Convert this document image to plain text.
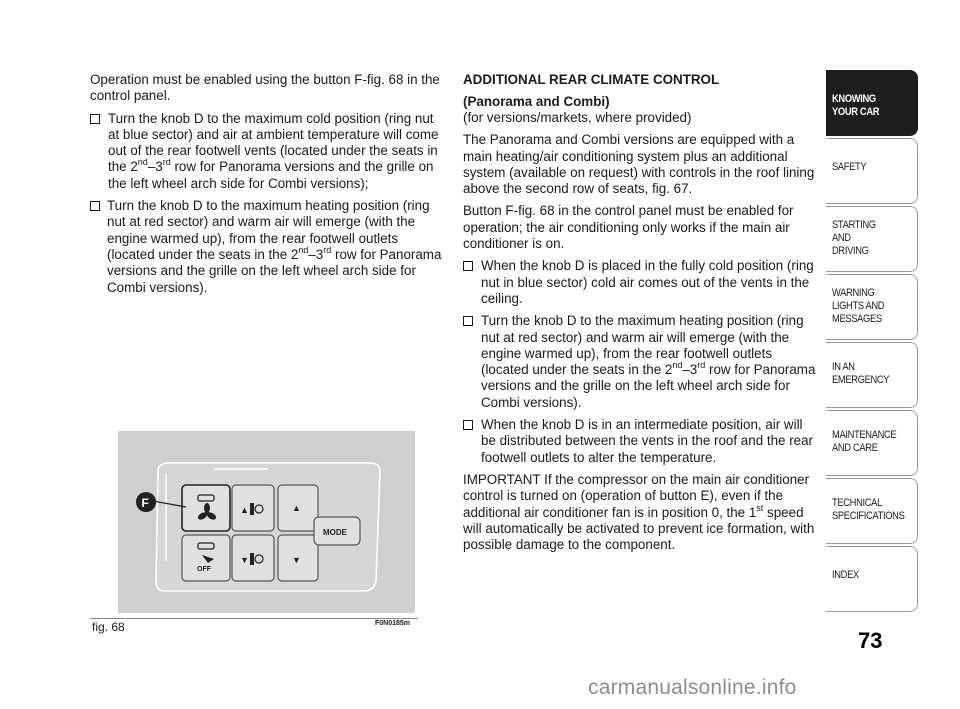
Operation must be enabled using the button F-fig. 68 in the control panel.

Turn the knob D to the maximum cold position (ring nut at blue sector) and air at ambient temperature will come out of the rear footwell vents (located under the seats in the 2nd–3rd row for Panorama versions and the grille on the left wheel arch side for Combi versions);
Turn the knob D to the maximum heating position (ring nut at red sector) and warm air will emerge (with the engine warmed up), from the rear footwell outlets (located under the seats in the 2nd–3rd row for Panorama versions and the grille on the left wheel arch side for Combi versions).

ADDITIONAL REAR CLIMATE CONTROL

(Panorama and Combi)

(for versions/markets, where provided)

The Panorama and Combi versions are equipped with a main heating/air conditioning system plus an additional system (available on request) with controls in the roof lining above the second row of seats, fig. 67.

Button F-fig. 68 in the control panel must be enabled for operation; the air conditioning only works if the main air conditioner is on.

When the knob D is placed in the fully cold position (ring nut in blue sector) cold air comes out of the vents in the ceiling.
Turn the knob D to the maximum heating position (ring nut at red sector) and warm air will emerge (with the engine warmed up), from the rear footwell outlets (located under the seats in the 2nd–3rd row for Panorama versions and the grille on the left wheel arch side for Combi versions).
When the knob D is in an intermediate position, air will be distributed between the vents in the roof and the rear footwell outlets to alter the temperature.

IMPORTANT If the compressor on the main air conditioner control is turned on (operation of button E), even if the additional air conditioner fan is in position 0, the 1st speed will automatically be activated to prevent ice formation, with possible damage to the component.

OFF
▲
▼
▲
▼
MODE
F
fig. 68	F0N0185m
KNOWING
YOUR CAR
SAFETY
STARTING
AND
DRIVING
WARNING
LIGHTS AND
MESSAGES
IN AN
EMERGENCY
MAINTENANCE
AND CARE
TECHNICAL
SPECIFICATIONS
INDEX
73
carmanualsonline.info
